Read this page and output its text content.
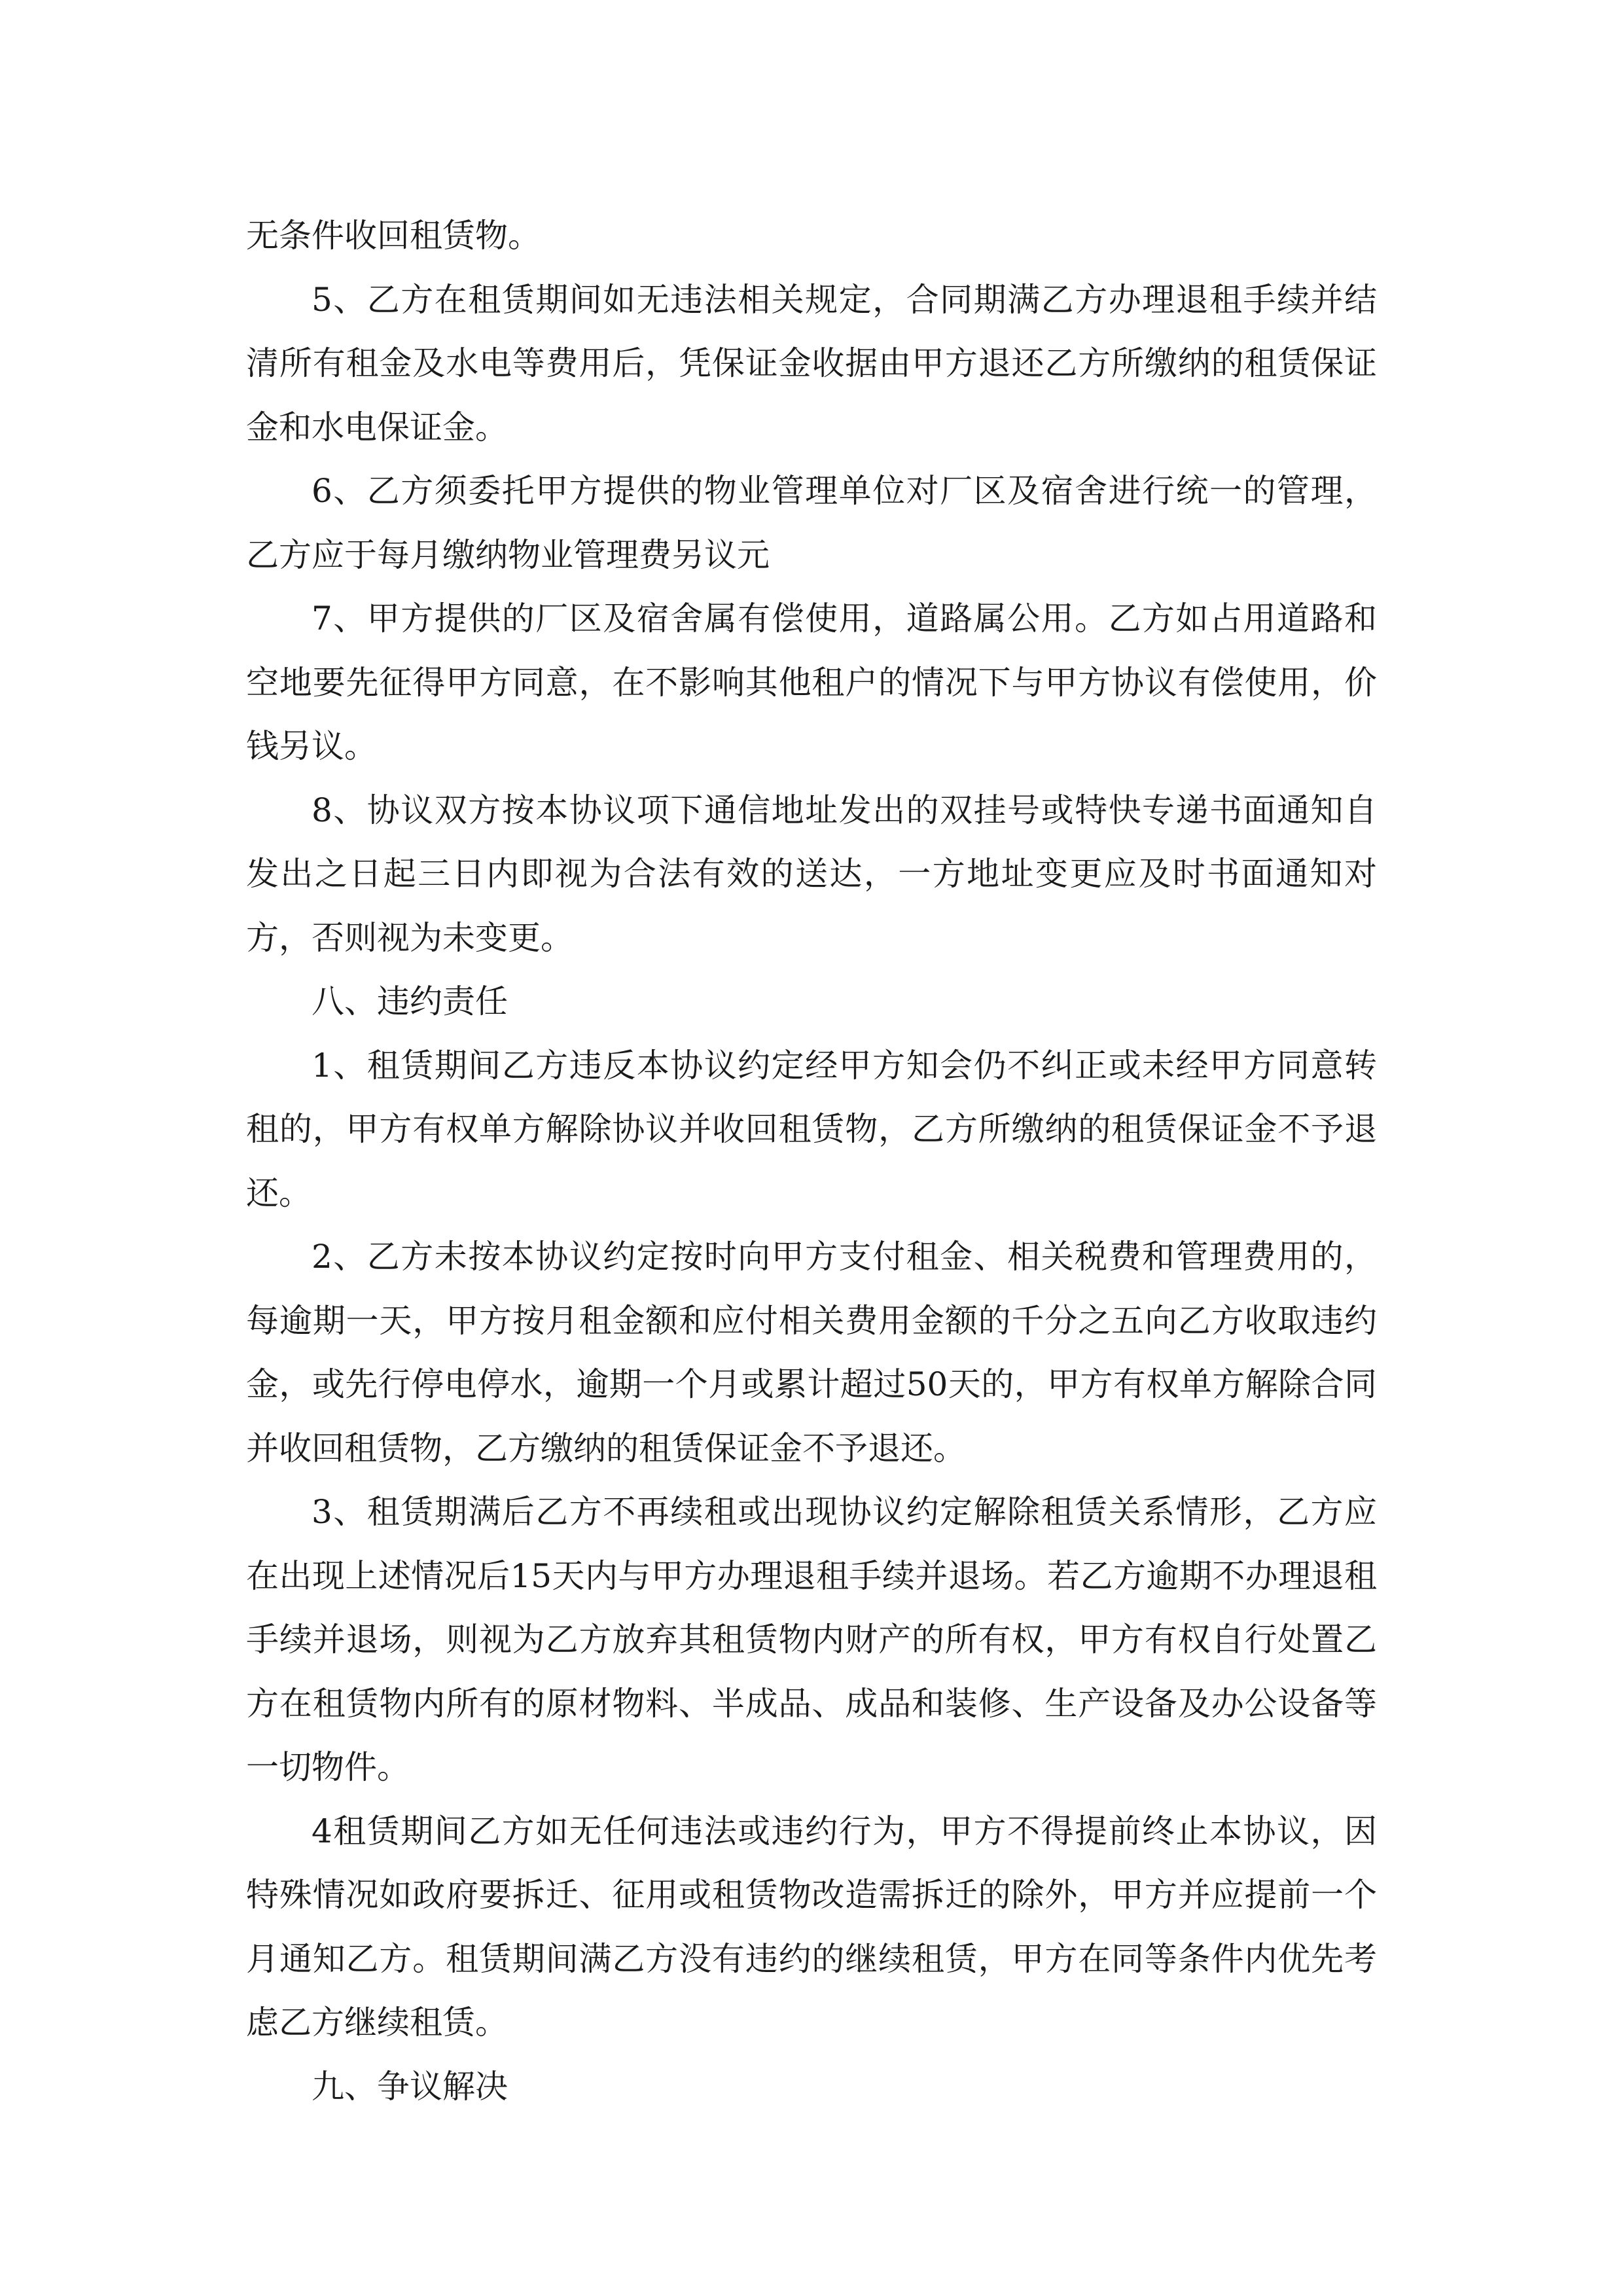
无条件收回租赁物。

5、乙方在租赁期间如无违法相关规定，合同期满乙方办理退租手续并结清所有租金及水电等费用后，凭保证金收据由甲方退还乙方所缴纳的租赁保证金和水电保证金。

6、乙方须委托甲方提供的物业管理单位对厂区及宿舍进行统一的管理，乙方应于每月缴纳物业管理费另议元

7、甲方提供的厂区及宿舍属有偿使用，道路属公用。乙方如占用道路和空地要先征得甲方同意，在不影响其他租户的情况下与甲方协议有偿使用，价钱另议。

8、协议双方按本协议项下通信地址发出的双挂号或特快专递书面通知自发出之日起三日内即视为合法有效的送达，一方地址变更应及时书面通知对方，否则视为未变更。

八、违约责任

1、租赁期间乙方违反本协议约定经甲方知会仍不纠正或未经甲方同意转租的，甲方有权单方解除协议并收回租赁物，乙方所缴纳的租赁保证金不予退还。

2、乙方未按本协议约定按时向甲方支付租金、相关税费和管理费用的，每逾期一天，甲方按月租金额和应付相关费用金额的千分之五向乙方收取违约金，或先行停电停水，逾期一个月或累计超过50天的，甲方有权单方解除合同并收回租赁物，乙方缴纳的租赁保证金不予退还。

3、租赁期满后乙方不再续租或出现协议约定解除租赁关系情形，乙方应在出现上述情况后15天内与甲方办理退租手续并退场。若乙方逾期不办理退租手续并退场，则视为乙方放弃其租赁物内财产的所有权，甲方有权自行处置乙方在租赁物内所有的原材物料、半成品、成品和装修、生产设备及办公设备等一切物件。

4租赁期间乙方如无任何违法或违约行为，甲方不得提前终止本协议，因特殊情况如政府要拆迁、征用或租赁物改造需拆迁的除外，甲方并应提前一个月通知乙方。租赁期间满乙方没有违约的继续租赁，甲方在同等条件内优先考虑乙方继续租赁。

九、争议解决
